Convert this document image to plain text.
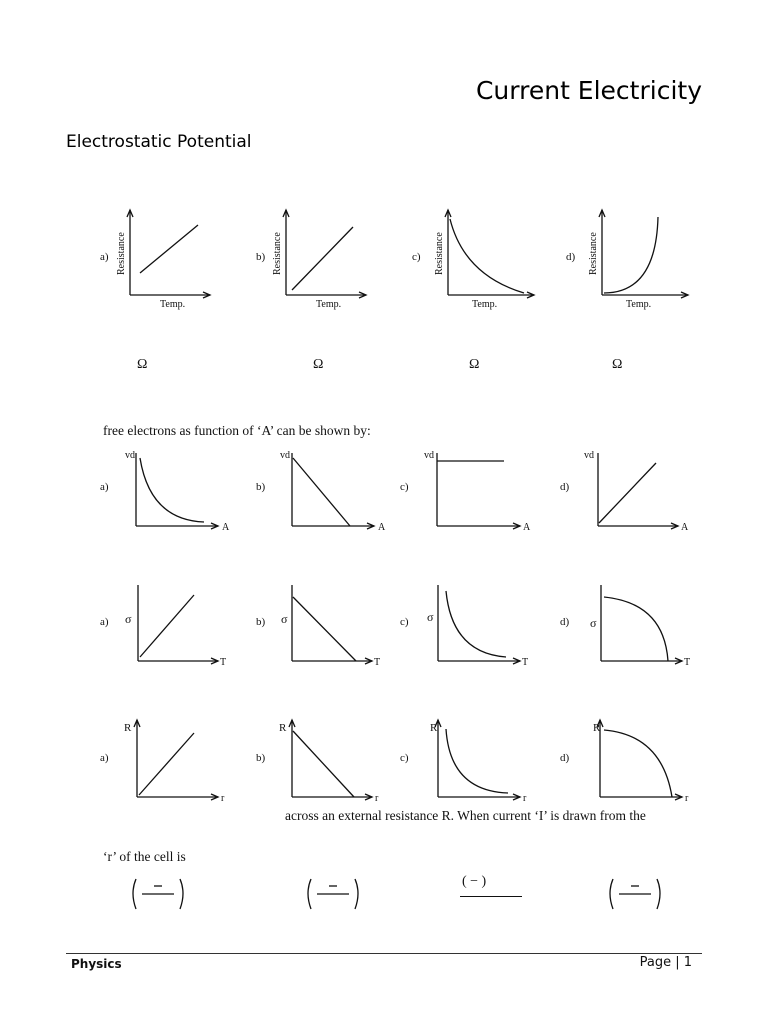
Current Electricity
Electrostatic Potential
a) Resistance
Temp.
b) Resistance
Temp.
c) Resistance
Temp.
d) Resistance
Temp.
Ω	Ω	Ω	Ω
free electrons as function of ‘A’ can be shown by:
a)
vd
A
b)
vd
A
c)
vd
A
d)
vd
A
a) σ
T
b) σ
T
c) σ
T
d) σ
T
a)
R
r
b)
R
r
c)
R
r
d)
R
r
across an external resistance R. When current ‘I’ is drawn from the
‘r’ of the cell is
( − )
Physics	Page | 1
